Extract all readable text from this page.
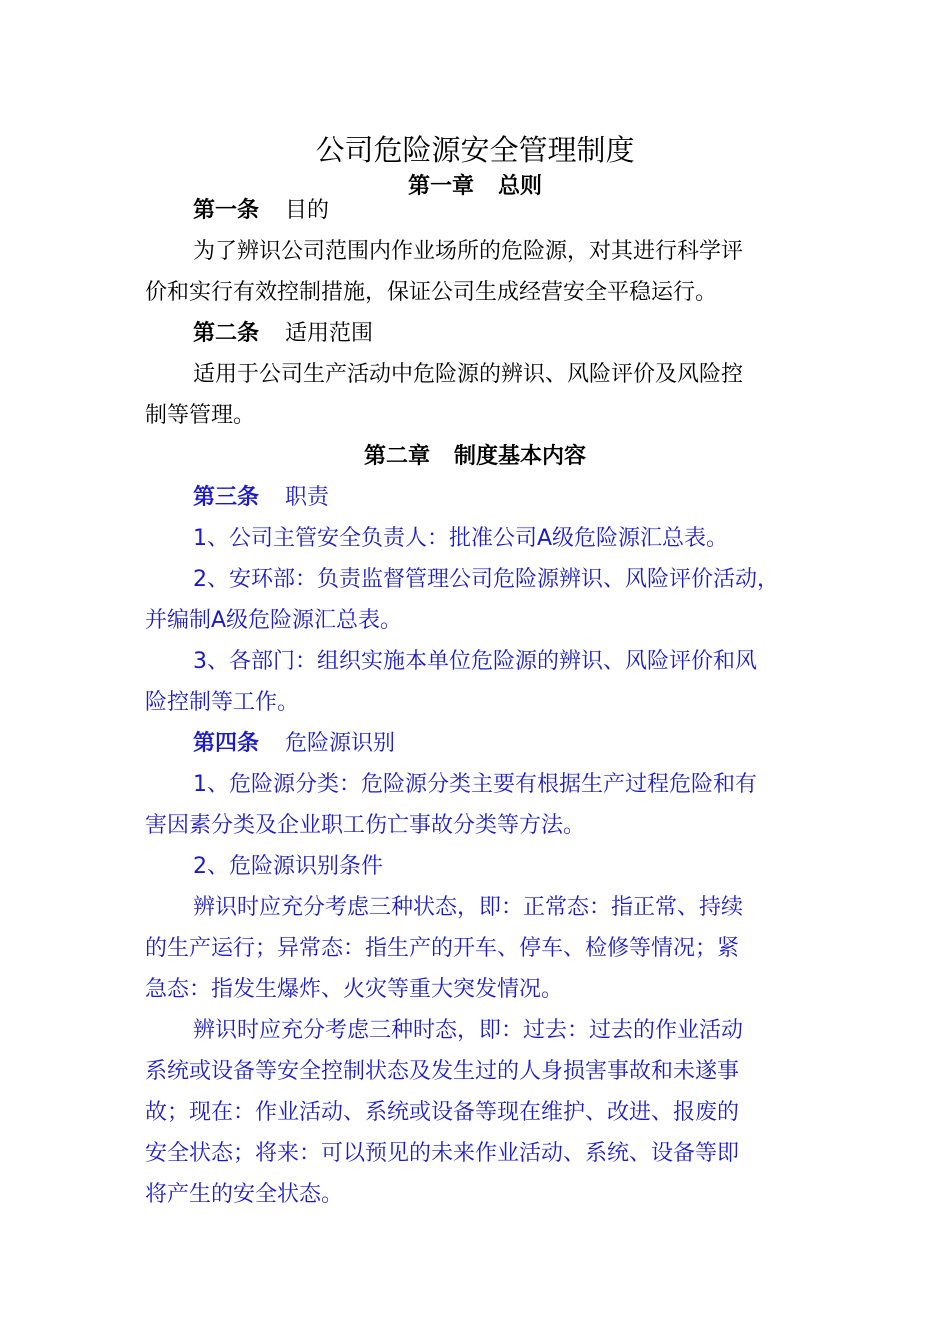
公司危险源安全管理制度
第一章 总则
第一条 目的
为了辨识公司范围内作业场所的危险源，对其进行科学评
价和实行有效控制措施，保证公司生成经营安全平稳运行。
第二条 适用范围
适用于公司生产活动中危险源的辨识、风险评价及风险控
制等管理。
第二章 制度基本内容
第三条 职责
1、公司主管安全负责人：批准公司A级危险源汇总表。
2、安环部：负责监督管理公司危险源辨识、风险评价活动，
并编制A级危险源汇总表。
3、各部门：组织实施本单位危险源的辨识、风险评价和风
险控制等工作。
第四条 危险源识别
1、危险源分类：危险源分类主要有根据生产过程危险和有
害因素分类及企业职工伤亡事故分类等方法。
2、危险源识别条件
辨识时应充分考虑三种状态，即：正常态：指正常、持续
的生产运行；异常态：指生产的开车、停车、检修等情况；紧
急态：指发生爆炸、火灾等重大突发情况。
辨识时应充分考虑三种时态，即：过去：过去的作业活动
系统或设备等安全控制状态及发生过的人身损害事故和未遂事
故；现在：作业活动、系统或设备等现在维护、改进、报废的
安全状态；将来：可以预见的未来作业活动、系统、设备等即
将产生的安全状态。
